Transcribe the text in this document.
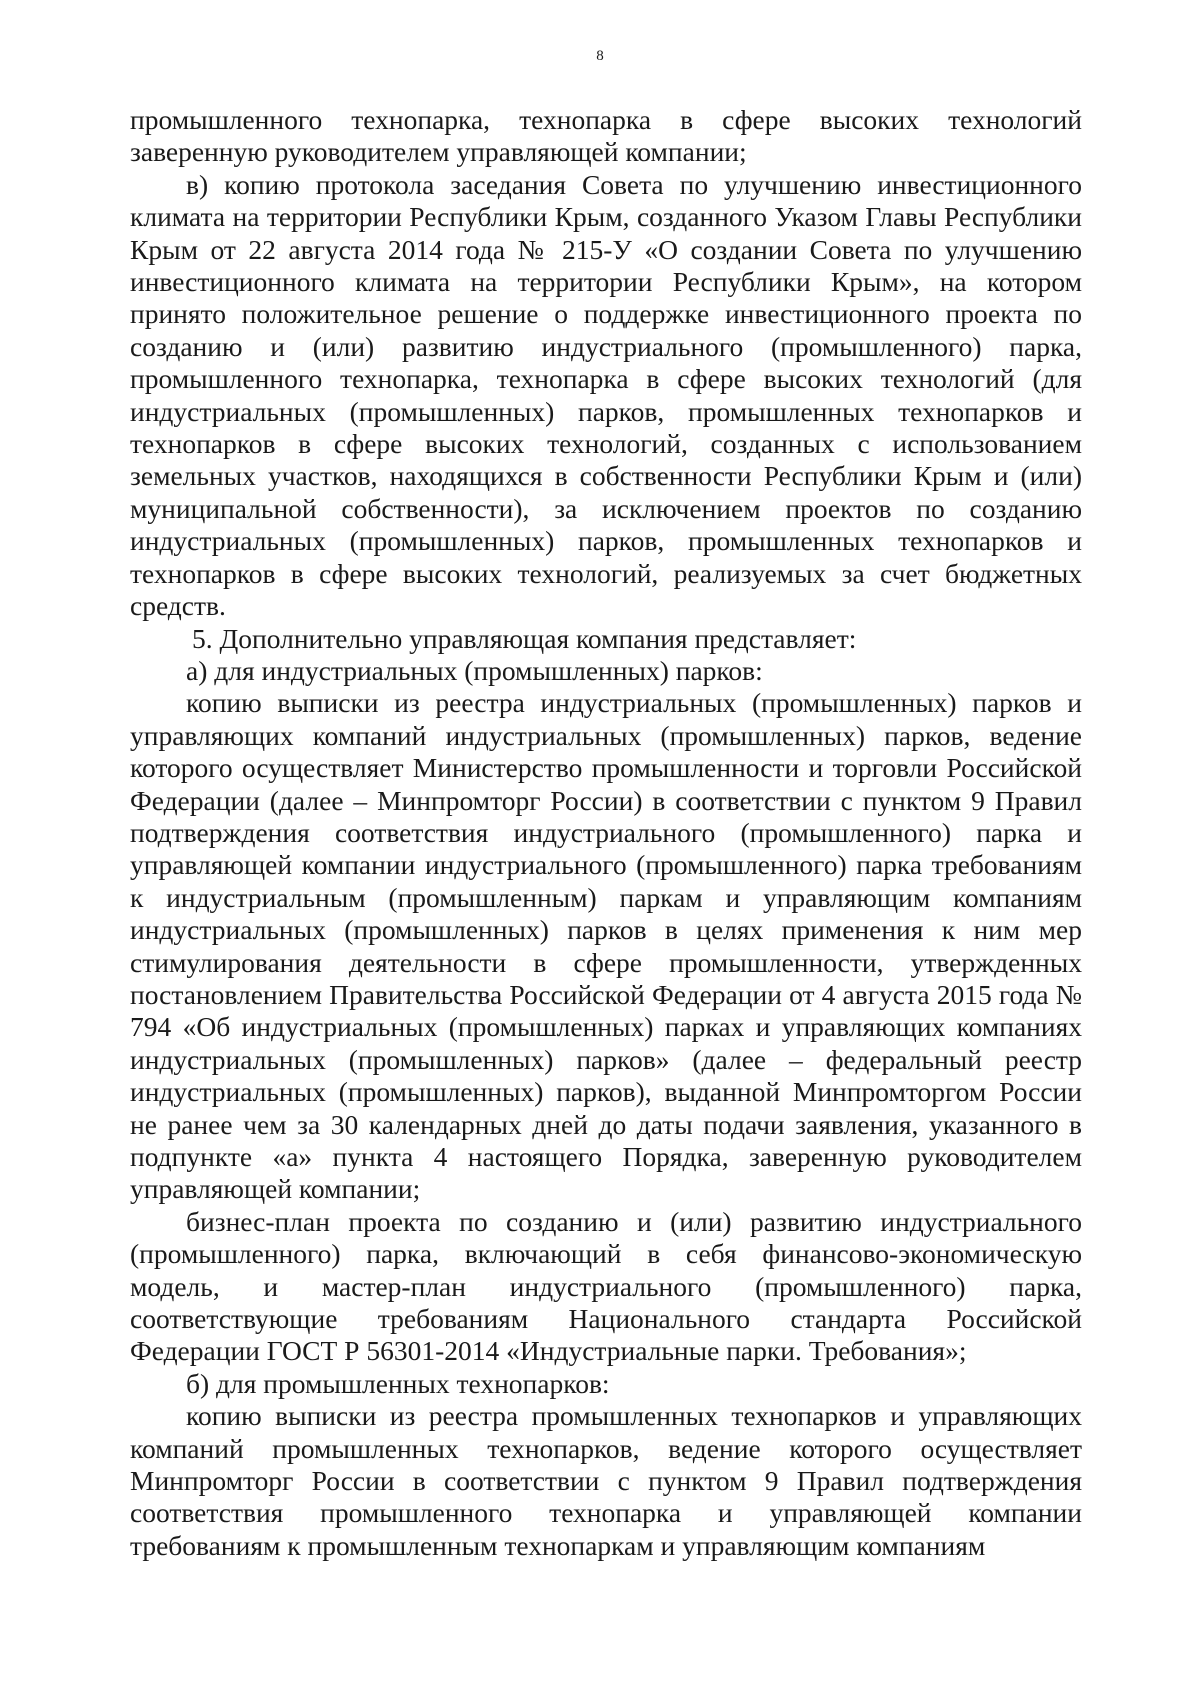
8

промышленного технопарка, технопарка в сфере высоких технологий заверенную руководителем управляющей компании;

в) копию протокола заседания Совета по улучшению инвестиционного климата на территории Республики Крым, созданного Указом Главы Республики Крым от 22 августа 2014 года № 215-У «О создании Совета по улучшению инвестиционного климата на территории Республики Крым», на котором принято положительное решение о поддержке инвестиционного проекта по созданию и (или) развитию индустриального (промышленного) парка, промышленного технопарка, технопарка в сфере высоких технологий (для индустриальных (промышленных) парков, промышленных технопарков и технопарков в сфере высоких технологий, созданных с использованием земельных участков, находящихся в собственности Республики Крым и (или) муниципальной собственности), за исключением проектов по созданию индустриальных (промышленных) парков, промышленных технопарков и технопарков в сфере высоких технологий, реализуемых за счет бюджетных средств.

5. Дополнительно управляющая компания представляет:

а) для индустриальных (промышленных) парков:

копию выписки из реестра индустриальных (промышленных) парков и управляющих компаний индустриальных (промышленных) парков, ведение которого осуществляет Министерство промышленности и торговли Российской Федерации (далее – Минпромторг России) в соответствии с пунктом 9 Правил подтверждения соответствия индустриального (промышленного) парка и управляющей компании индустриального (промышленного) парка требованиям к индустриальным (промышленным) паркам и управляющим компаниям индустриальных (промышленных) парков в целях применения к ним мер стимулирования деятельности в сфере промышленности, утвержденных постановлением Правительства Российской Федерации от 4 августа 2015 года № 794 «Об индустриальных (промышленных) парках и управляющих компаниях индустриальных (промышленных) парков» (далее – федеральный реестр индустриальных (промышленных) парков), выданной Минпромторгом России не ранее чем за 30 календарных дней до даты подачи заявления, указанного в подпункте «а» пункта 4 настоящего Порядка, заверенную руководителем управляющей компании;

бизнес-план проекта по созданию и (или) развитию индустриального (промышленного) парка, включающий в себя финансово-экономическую модель, и мастер-план индустриального (промышленного) парка, соответствующие требованиям Национального стандарта Российской Федерации ГОСТ Р 56301-2014 «Индустриальные парки. Требования»;

б) для промышленных технопарков:

копию выписки из реестра промышленных технопарков и управляющих компаний промышленных технопарков, ведение которого осуществляет Минпромторг России в соответствии с пунктом 9 Правил подтверждения соответствия промышленного технопарка и управляющей компании требованиям к промышленным технопаркам и управляющим компаниям
